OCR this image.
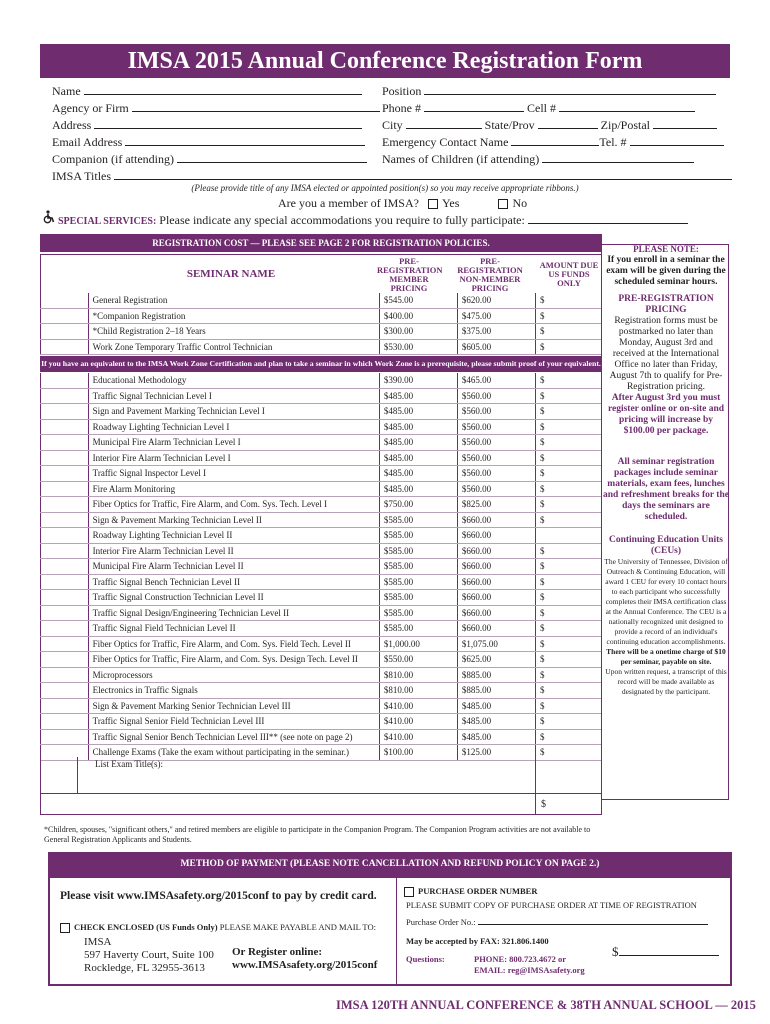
IMSA 2015 Annual Conference Registration Form
Name
Agency or Firm
Address
Email Address
Companion (if attending)
Position
Phone #	Cell #
City	State/Prov	Zip/Postal
Emergency Contact Name	Tel. #
Names of Children (if attending)
IMSA Titles
(Please provide title of any IMSA elected or appointed position(s) so you may receive appropriate ribbons.)
Are you a member of IMSA? Yes	No
SPECIAL SERVICES: Please indicate any special accommodations you require to fully participate:
REGISTRATION COST — PLEASE SEE PAGE 2 FOR REGISTRATION POLICIES.
SEMINAR NAME
PRE-REGISTRATION MEMBER PRICING
PRE-REGISTRATION NON-MEMBER PRICING
AMOUNT DUE US FUNDS ONLY
	General Registration	$545.00	$620.00	$
	*Companion Registration	$400.00	$475.00	$
	*Child Registration 2–18 Years	$300.00	$375.00	$
	Work Zone Temporary Traffic Control Technician	$530.00	$605.00	$
If you have an equivalent to the IMSA Work Zone Certification and plan to take a seminar in which Work Zone is a prerequisite, please submit proof of your equivalent.
	Educational Methodology	$390.00	$465.00	$
	Traffic Signal Technician Level I	$485.00	$560.00	$
	Sign and Pavement Marking Technician Level I	$485.00	$560.00	$
	Roadway Lighting Technician Level I	$485.00	$560.00	$
	Municipal Fire Alarm Technician Level I	$485.00	$560.00	$
	Interior Fire Alarm Technician Level I	$485.00	$560.00	$
	Traffic Signal Inspector Level I	$485.00	$560.00	$
	Fire Alarm Monitoring	$485.00	$560.00	$
	Fiber Optics for Traffic, Fire Alarm, and Com. Sys. Tech. Level I	$750.00	$825.00	$
	Sign & Pavement Marking Technician Level II	$585.00	$660.00	$
	Roadway Lighting Technician Level II	$585.00	$660.00	
	Interior Fire Alarm Technician Level II	$585.00	$660.00	$
	Municipal Fire Alarm Technician Level II	$585.00	$660.00	$
	Traffic Signal Bench Technician Level II	$585.00	$660.00	$
	Traffic Signal Construction Technician Level II	$585.00	$660.00	$
	Traffic Signal Design/Engineering Technician Level II	$585.00	$660.00	$
	Traffic Signal Field Technician Level II	$585.00	$660.00	$
	Fiber Optics for Traffic, Fire Alarm, and Com. Sys. Field Tech. Level II	$1,000.00	$1,075.00	$
	Fiber Optics for Traffic, Fire Alarm, and Com. Sys. Design Tech. Level II	$550.00	$625.00	$
	Microprocessors	$810.00	$885.00	$
	Electronics in Traffic Signals	$810.00	$885.00	$
	Sign & Pavement Marking Senior Technician Level III	$410.00	$485.00	$
	Traffic Signal Senior Field Technician Level III	$410.00	$485.00	$
	Traffic Signal Senior Bench Technician Level III** (see note on page 2)	$410.00	$485.00	$
	Challenge Exams (Take the exam without participating in the seminar.)	$100.00	$125.00	$
List Exam Title(s):
$
*Children, spouses, "significant others," and retired members are eligible to participate in the Companion Program. The Companion Program activities are not available to General Registration Applicants and Students.
PLEASE NOTE:
If you enroll in a seminar the exam will be given during the scheduled seminar hours.
PRE-REGISTRATION PRICING
Registration forms must be postmarked no later than Monday, August 3rd and received at the International Office no later than Friday, August 7th to qualify for Pre-Registration pricing.
After August 3rd you must register online or on-site and pricing will increase by $100.00 per package.
All seminar registration packages include seminar materials, exam fees, lunches and refreshment breaks for the days the seminars are scheduled.
Continuing Education Units (CEUs)
The University of Tennessee, Division of Outreach & Continuing Education, will award 1 CEU for every 10 contact hours to each participant who successfully completes their IMSA certification class at the Annual Conference. The CEU is a nationally recognized unit designed to provide a record of an individual's continuing education accomplishments.
There will be a onetime charge of $10 per seminar, payable on site.
Upon written request, a transcript of this record will be made available as designated by the participant.
METHOD OF PAYMENT (PLEASE NOTE CANCELLATION AND REFUND POLICY ON PAGE 2.)
Please visit www.IMSAsafety.org/2015conf to pay by credit card.
CHECK ENCLOSED (US Funds Only) PLEASE MAKE PAYABLE AND MAIL TO:
IMSA
597 Haverty Court, Suite 100
Rockledge, FL 32955-3613
Or Register online:
www.IMSAsafety.org/2015conf
PURCHASE ORDER NUMBER
PLEASE SUBMIT COPY OF PURCHASE ORDER AT TIME OF REGISTRATION
Purchase Order No.:
May be accepted by FAX: 321.806.1400
Questions:	PHONE: 800.723.4672 or
EMAIL: reg@IMSAsafety.org
$
IMSA 120TH ANNUAL CONFERENCE & 38TH ANNUAL SCHOOL — 2015
